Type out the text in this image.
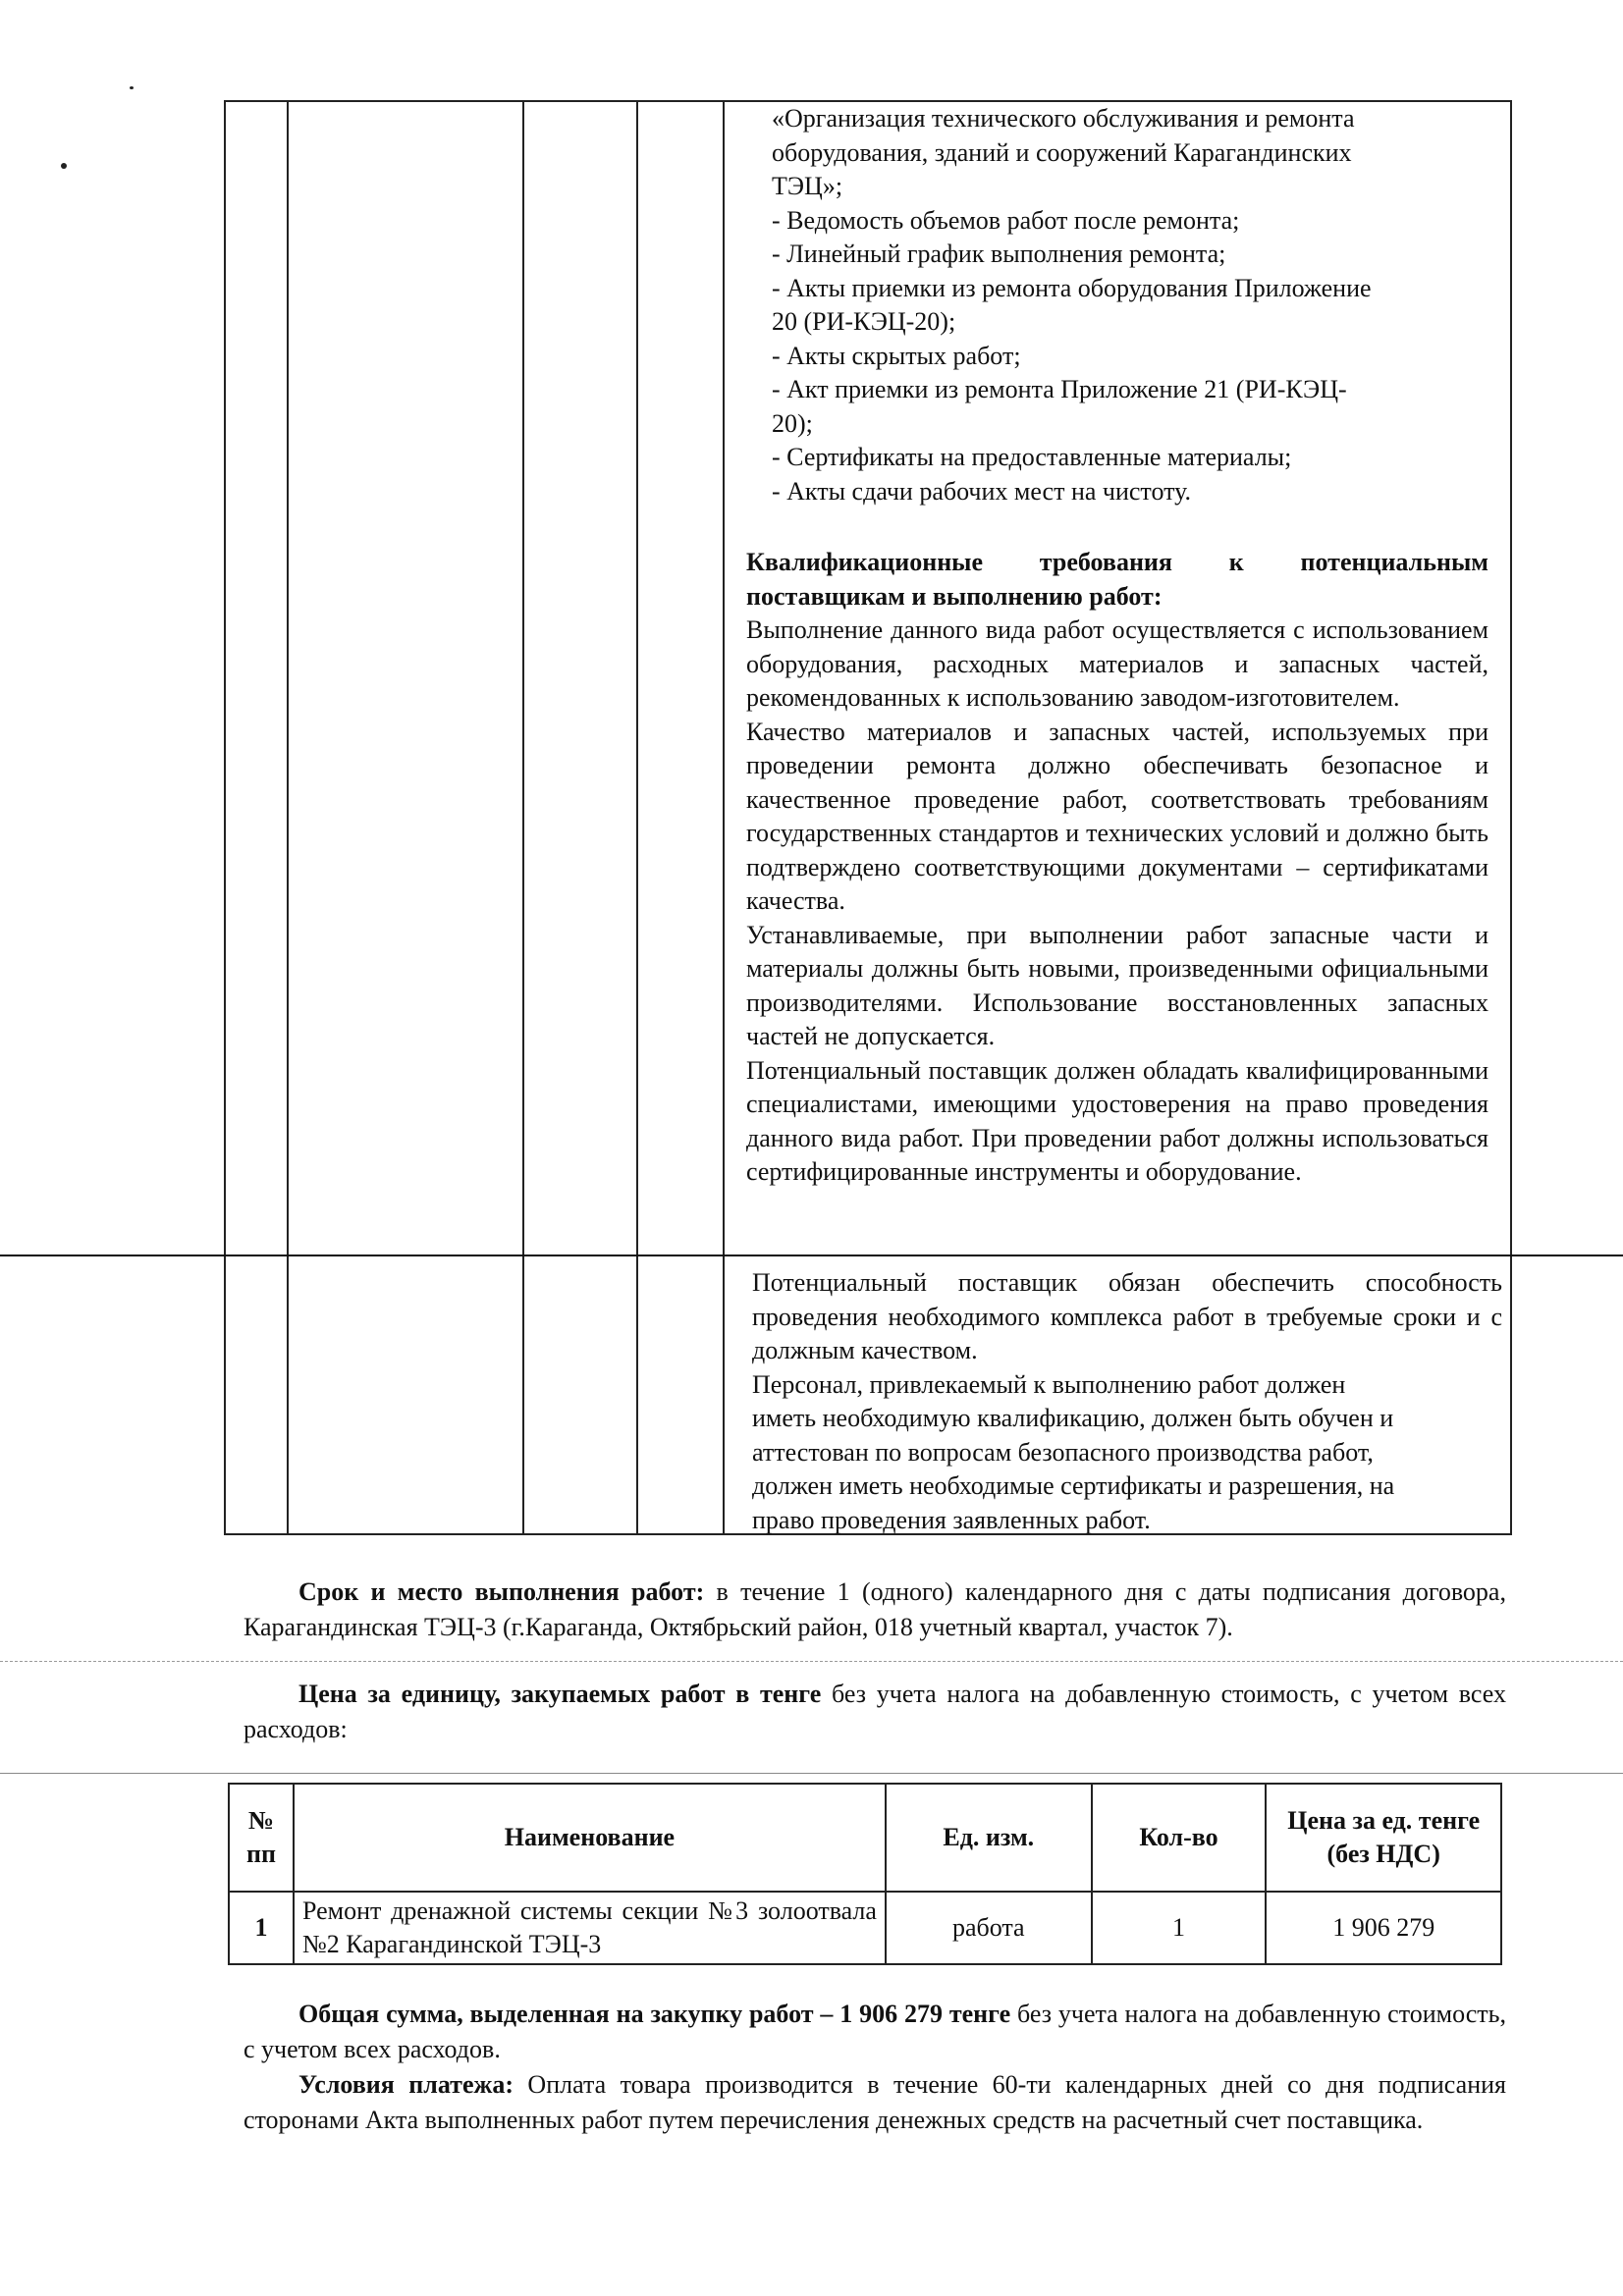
«Организация технического обслуживания и ремонта

оборудования, зданий и сооружений Карагандинских

ТЭЦ»;

- Ведомость объемов работ после ремонта;

- Линейный график выполнения ремонта;

- Акты приемки из ремонта оборудования Приложение

20 (РИ-КЭЦ-20);

- Акты скрытых работ;

- Акт приемки из ремонта Приложение 21 (РИ-КЭЦ-

20);

- Сертификаты на предоставленные материалы;

- Акты сдачи рабочих мест на чистоту.

Квалификационные требования к потенциальным

поставщикам и выполнению работ:

Выполнение данного вида работ осуществляется с использованием оборудования, расходных материалов и запасных частей, рекомендованных к использованию заводом-изготовителем.

Качество материалов и запасных частей, используемых при проведении ремонта должно обеспечивать безопасное и качественное проведение работ, соответствовать требованиям государственных стандартов и технических условий и должно быть подтверждено соответствующими документами – сертификатами качества.

Устанавливаемые, при выполнении работ запасные части и материалы должны быть новыми, произведенными официальными производителями. Использование восстановленных запасных частей не допускается.

Потенциальный поставщик должен обладать квалифицированными специалистами, имеющими удостоверения на право проведения данного вида работ. При проведении работ должны использоваться сертифицированные инструменты и оборудование.

Потенциальный поставщик обязан обеспечить способность проведения необходимого комплекса работ в требуемые сроки и с должным качеством.

Персонал, привлекаемый к выполнению работ должен

иметь необходимую квалификацию, должен быть обучен и

аттестован по вопросам безопасного производства работ,

должен иметь необходимые сертификаты и разрешения, на

право проведения заявленных работ.

Срок и место выполнения работ: в течение 1 (одного) календарного дня с даты подписания договора, Карагандинская ТЭЦ-3 (г.Караганда, Октябрьский район, 018 учетный квартал, участок 7).

Цена за единицу, закупаемых работ в тенге без учета налога на добавленную стоимость, с учетом всех расходов:

№ пп	Наименование	Ед. изм.	Кол-во	Цена за ед. тенге (без НДС)
1	Ремонт дренажной системы секции №3 золоотвала №2 Карагандинской ТЭЦ-3	работа	1	1 906 279

Общая сумма, выделенная на закупку работ – 1 906 279 тенге без учета налога на добавленную стоимость, с учетом всех расходов.

Условия платежа: Оплата товара производится в течение 60-ти календарных дней со дня подписания сторонами Акта выполненных работ путем перечисления денежных средств на расчетный счет поставщика.
